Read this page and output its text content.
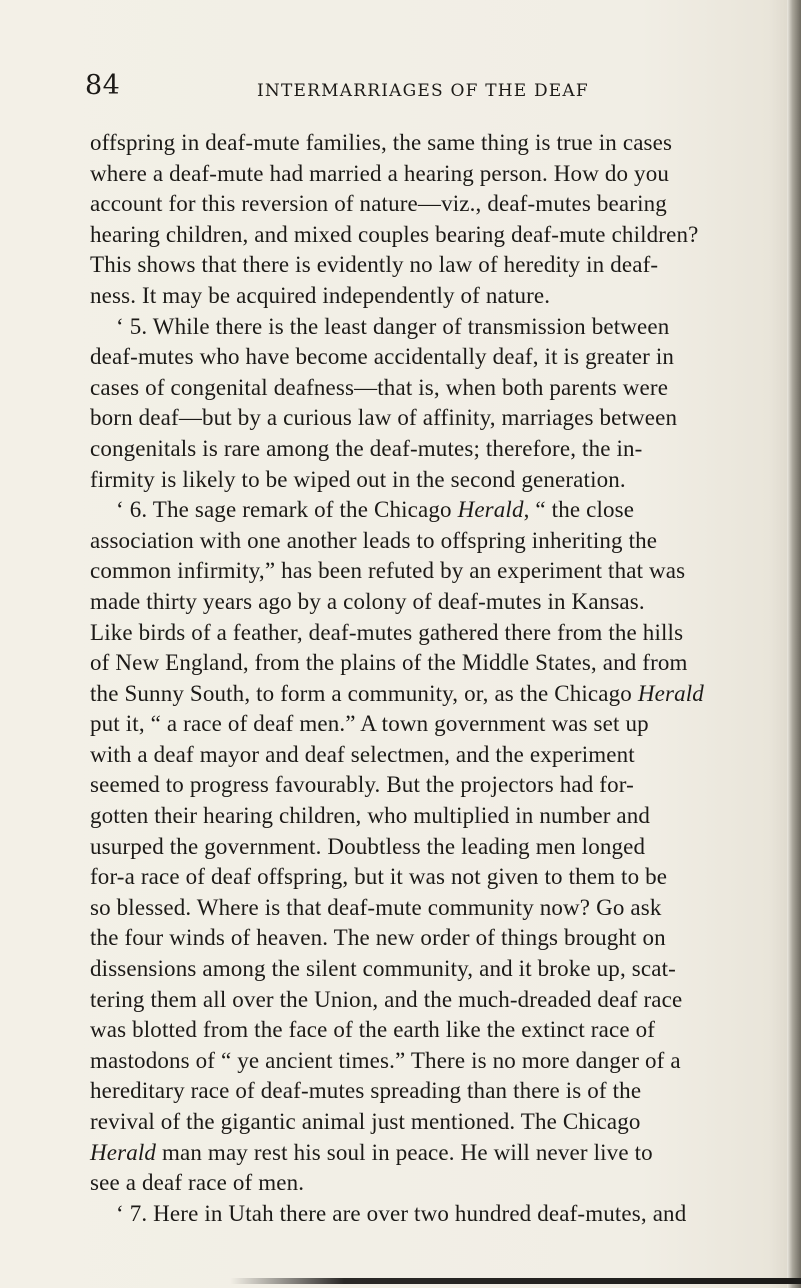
84	INTERMARRIAGES OF THE DEAF
offspring in deaf-mute families, the same thing is true in cases
where a deaf-mute had married a hearing person. How do you
account for this reversion of nature—viz., deaf-mutes bearing
hearing children, and mixed couples bearing deaf-mute children?
This shows that there is evidently no law of heredity in deaf-
ness. It may be acquired independently of nature.
‘ 5. While there is the least danger of transmission between
deaf-mutes who have become accidentally deaf, it is greater in
cases of congenital deafness—that is, when both parents were
born deaf—but by a curious law of affinity, marriages between
congenitals is rare among the deaf-mutes; therefore, the in-
firmity is likely to be wiped out in the second generation.
‘ 6. The sage remark of the Chicago Herald, “ the close
association with one another leads to offspring inheriting the
common infirmity,” has been refuted by an experiment that was
made thirty years ago by a colony of deaf-mutes in Kansas.
Like birds of a feather, deaf-mutes gathered there from the hills
of New England, from the plains of the Middle States, and from
the Sunny South, to form a community, or, as the Chicago Herald
put it, “ a race of deaf men.” A town government was set up
with a deaf mayor and deaf selectmen, and the experiment
seemed to progress favourably. But the projectors had for-
gotten their hearing children, who multiplied in number and
usurped the government. Doubtless the leading men longed
for-a race of deaf offspring, but it was not given to them to be
so blessed. Where is that deaf-mute community now? Go ask
the four winds of heaven. The new order of things brought on
dissensions among the silent community, and it broke up, scat-
tering them all over the Union, and the much-dreaded deaf race
was blotted from the face of the earth like the extinct race of
mastodons of “ ye ancient times.” There is no more danger of a
hereditary race of deaf-mutes spreading than there is of the
revival of the gigantic animal just mentioned. The Chicago
Herald man may rest his soul in peace. He will never live to
see a deaf race of men.
‘ 7. Here in Utah there are over two hundred deaf-mutes, and
